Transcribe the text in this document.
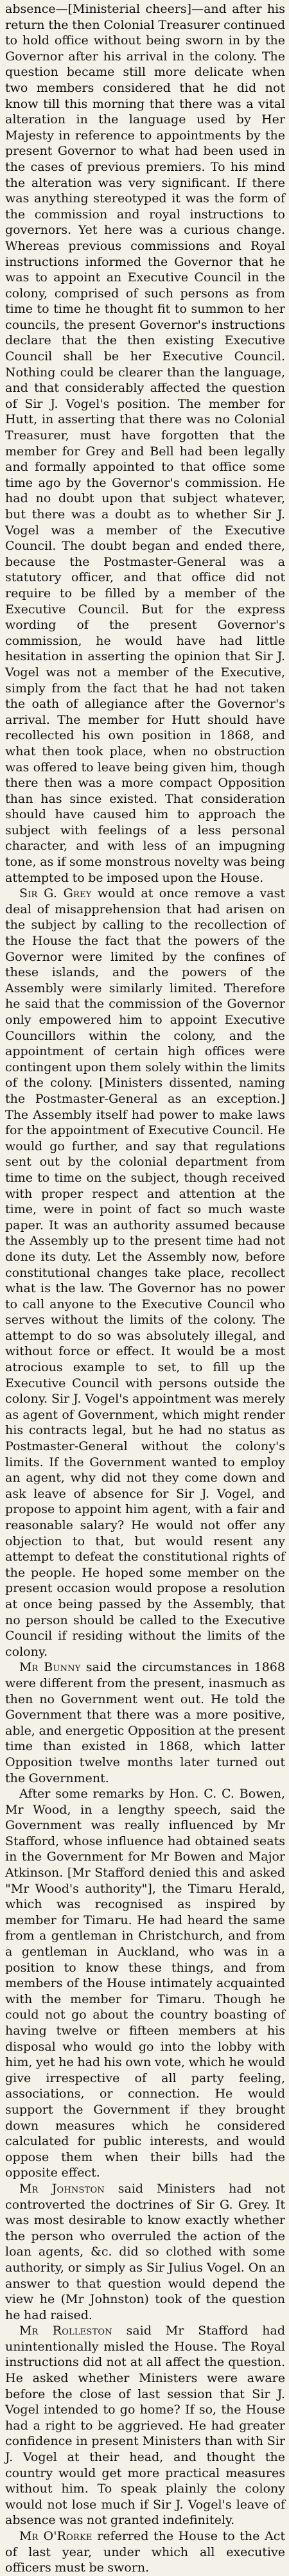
absence—[Ministerial cheers]—and after his return the then Colonial Treasurer continued to hold office without being sworn in by the Governor after his arrival in the colony. The question became still more delicate when two members considered that he did not know till this morning that there was a vital alteration in the language used by Her Majesty in reference to appointments by the present Governor to what had been used in the cases of previous premiers. To his mind the alteration was very significant. If there was anything stereotyped it was the form of the commission and royal instructions to governors. Yet here was a curious change. Whereas previous commissions and Royal instructions informed the Governor that he was to appoint an Executive Council in the colony, comprised of such persons as from time to time he thought fit to summon to her councils, the present Governor's instructions declare that the then existing Executive Council shall be her Executive Council. Nothing could be clearer than the language, and that considerably affected the question of Sir J. Vogel's position. The member for Hutt, in asserting that there was no Colonial Treasurer, must have forgotten that the member for Grey and Bell had been legally and formally appointed to that office some time ago by the Governor's commission. He had no doubt upon that subject whatever, but there was a doubt as to whether Sir J. Vogel was a member of the Executive Council. The doubt began and ended there, because the Postmaster-General was a statutory officer, and that office did not require to be filled by a member of the Executive Council. But for the express wording of the present Governor's commission, he would have had little hesitation in asserting the opinion that Sir J. Vogel was not a member of the Executive, simply from the fact that he had not taken the oath of allegiance after the Governor's arrival. The member for Hutt should have recollected his own position in 1868, and what then took place, when no obstruction was offered to leave being given him, though there then was a more compact Opposition than has since existed. That consideration should have caused him to approach the subject with feelings of a less personal character, and with less of an impugning tone, as if some monstrous novelty was being attempted to be imposed upon the House.

Sir G. Grey would at once remove a vast deal of misapprehension that had arisen on the subject by calling to the recollection of the House the fact that the powers of the Governor were limited by the confines of these islands, and the powers of the Assembly were similarly limited. Therefore he said that the commission of the Governor only empowered him to appoint Executive Councillors within the colony, and the appointment of certain high offices were contingent upon them solely within the limits of the colony. [Ministers dissented, naming the Postmaster-General as an exception.] The Assembly itself had power to make laws for the appointment of Executive Council. He would go further, and say that regulations sent out by the colonial department from time to time on the subject, though received with proper respect and attention at the time, were in point of fact so much waste paper. It was an authority assumed because the Assembly up to the present time had not done its duty. Let the Assembly now, before constitutional changes take place, recollect what is the law. The Governor has no power to call anyone to the Executive Council who serves without the limits of the colony. The attempt to do so was absolutely illegal, and without force or effect. It would be a most atrocious example to set, to fill up the Executive Council with persons outside the colony. Sir J. Vogel's appointment was merely as agent of Government, which might render his contracts legal, but he had no status as Postmaster-General without the colony's limits. If the Government wanted to employ an agent, why did not they come down and ask leave of absence for Sir J. Vogel, and propose to appoint him agent, with a fair and reasonable salary? He would not offer any objection to that, but would resent any attempt to defeat the constitutional rights of the people. He hoped some member on the present occasion would propose a resolution at once being passed by the Assembly, that no person should be called to the Executive Council if residing without the limits of the colony.

Mr Bunny said the circumstances in 1868 were different from the present, inasmuch as then no Government went out. He told the Government that there was a more positive, able, and energetic Opposition at the present time than existed in 1868, which latter Opposition twelve months later turned out the Government.

After some remarks by Hon. C. C. Bowen, Mr Wood, in a lengthy speech, said the Government was really influenced by Mr Stafford, whose influence had obtained seats in the Government for Mr Bowen and Major Atkinson. [Mr Stafford denied this and asked "Mr Wood's authority"], the Timaru Herald, which was recognised as inspired by member for Timaru. He had heard the same from a gentleman in Christchurch, and from a gentleman in Auckland, who was in a position to know these things, and from members of the House intimately acquainted with the member for Timaru. Though he could not go about the country boasting of having twelve or fifteen members at his disposal who would go into the lobby with him, yet he had his own vote, which he would give irrespective of all party feeling, associations, or connection. He would support the Government if they brought down measures which he considered calculated for public interests, and would oppose them when their bills had the opposite effect.

Mr Johnston said Ministers had not controverted the doctrines of Sir G. Grey. It was most desirable to know exactly whether the person who overruled the action of the loan agents, &c. did so clothed with some authority, or simply as Sir Julius Vogel. On an answer to that question would depend the view he (Mr Johnston) took of the question he had raised.

Mr Rolleston said Mr Stafford had unintentionally misled the House. The Royal instructions did not at all affect the question. He asked whether Ministers were aware before the close of last session that Sir J. Vogel intended to go home? If so, the House had a right to be aggrieved. He had greater confidence in present Ministers than with Sir J. Vogel at their head, and thought the country would get more practical measures without him. To speak plainly the colony would not lose much if Sir J. Vogel's leave of absence was not granted indefinitely.

Mr O'Rorke referred the House to the Act of last year, under which all executive officers must be sworn.
